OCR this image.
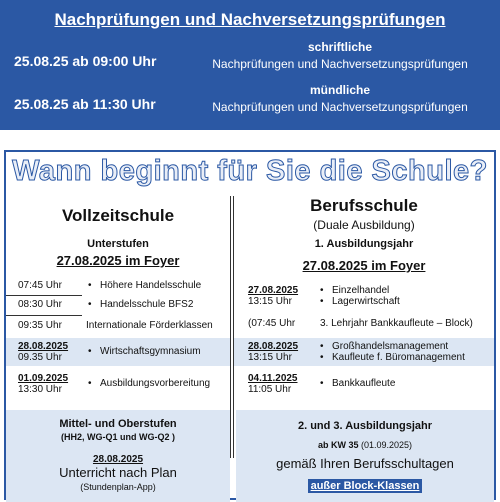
Nachprüfungen und Nachversetzungsprüfungen
25.08.25 ab 09:00 Uhr
schriftliche
Nachprüfungen und Nachversetzungsprüfungen
25.08.25 ab 11:30 Uhr
mündliche
Nachprüfungen und Nachversetzungsprüfungen
Wann beginnt für Sie die Schule?
Vollzeitschule
Unterstufen
27.08.2025 im Foyer
07:45 Uhr	• Höhere Handelsschule
08:30 Uhr	• Handelsschule BFS2
09:35 Uhr Internationale Förderklassen
28.08.2025
09.35 Uhr
• Wirtschaftsgymnasium
01.09.2025
13:30 Uhr
• Ausbildungsvorbereitung
Berufsschule
(Duale Ausbildung)
1. Ausbildungsjahr
27.08.2025 im Foyer
27.08.2025
13:15 Uhr
• Einzelhandel
• Lagerwirtschaft
(07:45 Uhr 3. Lehrjahr Bankkaufleute – Block)
28.08.2025
13:15 Uhr
• Großhandelsmanagement
• Kaufleute f. Büromanagement
04.11.2025
11:05 Uhr
• Bankkaufleute
Mittel- und Oberstufen
(HH2, WG-Q1 und WG-Q2 )
28.08.2025
Unterricht nach Plan
(Stundenplan-App)
2. und 3. Ausbildungsjahr
ab KW 35 (01.09.2025)
gemäß Ihren Berufsschultagen
außer Block-Klassen
